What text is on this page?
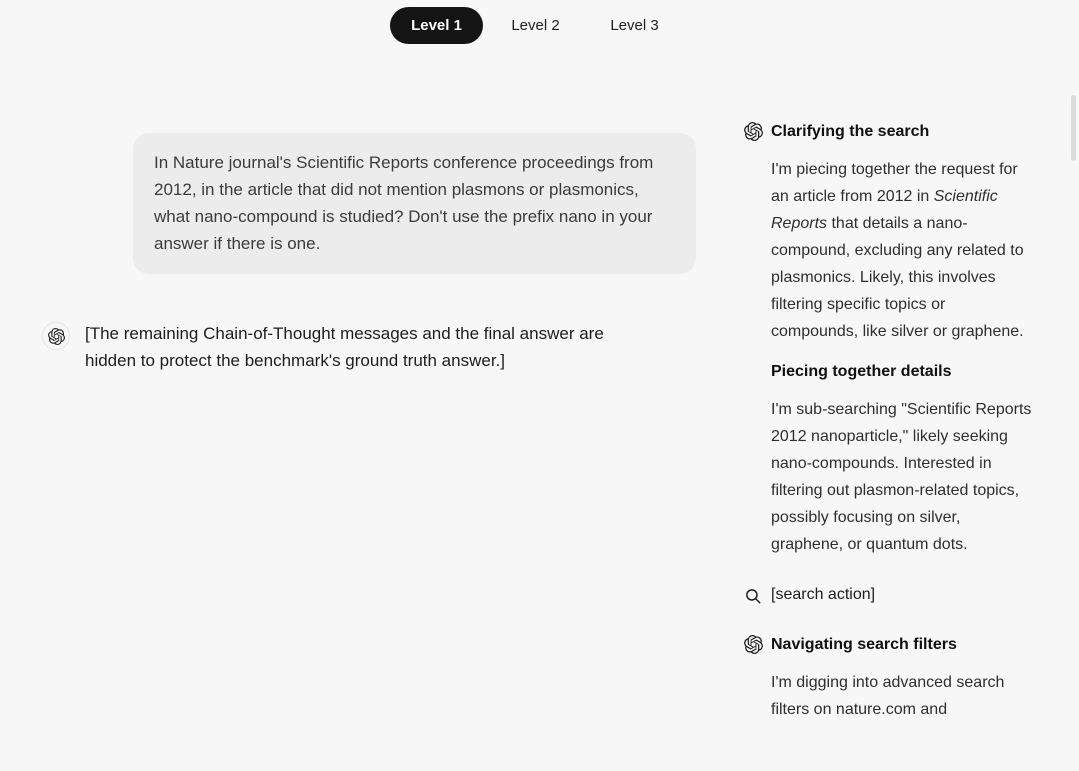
Level 1	Level 2	Level 3
In Nature journal's Scientific Reports conference proceedings from 2012, in the article that did not mention plasmons or plasmonics, what nano-compound is studied? Don't use the prefix nano in your answer if there is one.
[The remaining Chain-of-Thought messages and the final answer are hidden to protect the benchmark's ground truth answer.]
Clarifying the search

I'm piecing together the request for an article from 2012 in Scientific Reports that details a nano-compound, excluding any related to plasmonics. Likely, this involves filtering specific topics or compounds, like silver or graphene.

Piecing together details

I'm sub-searching "Scientific Reports 2012 nanoparticle," likely seeking nano-compounds. Interested in filtering out plasmon-related topics, possibly focusing on silver, graphene, or quantum dots.

[search action]
Navigating search filters

I'm digging into advanced search filters on nature.com and
